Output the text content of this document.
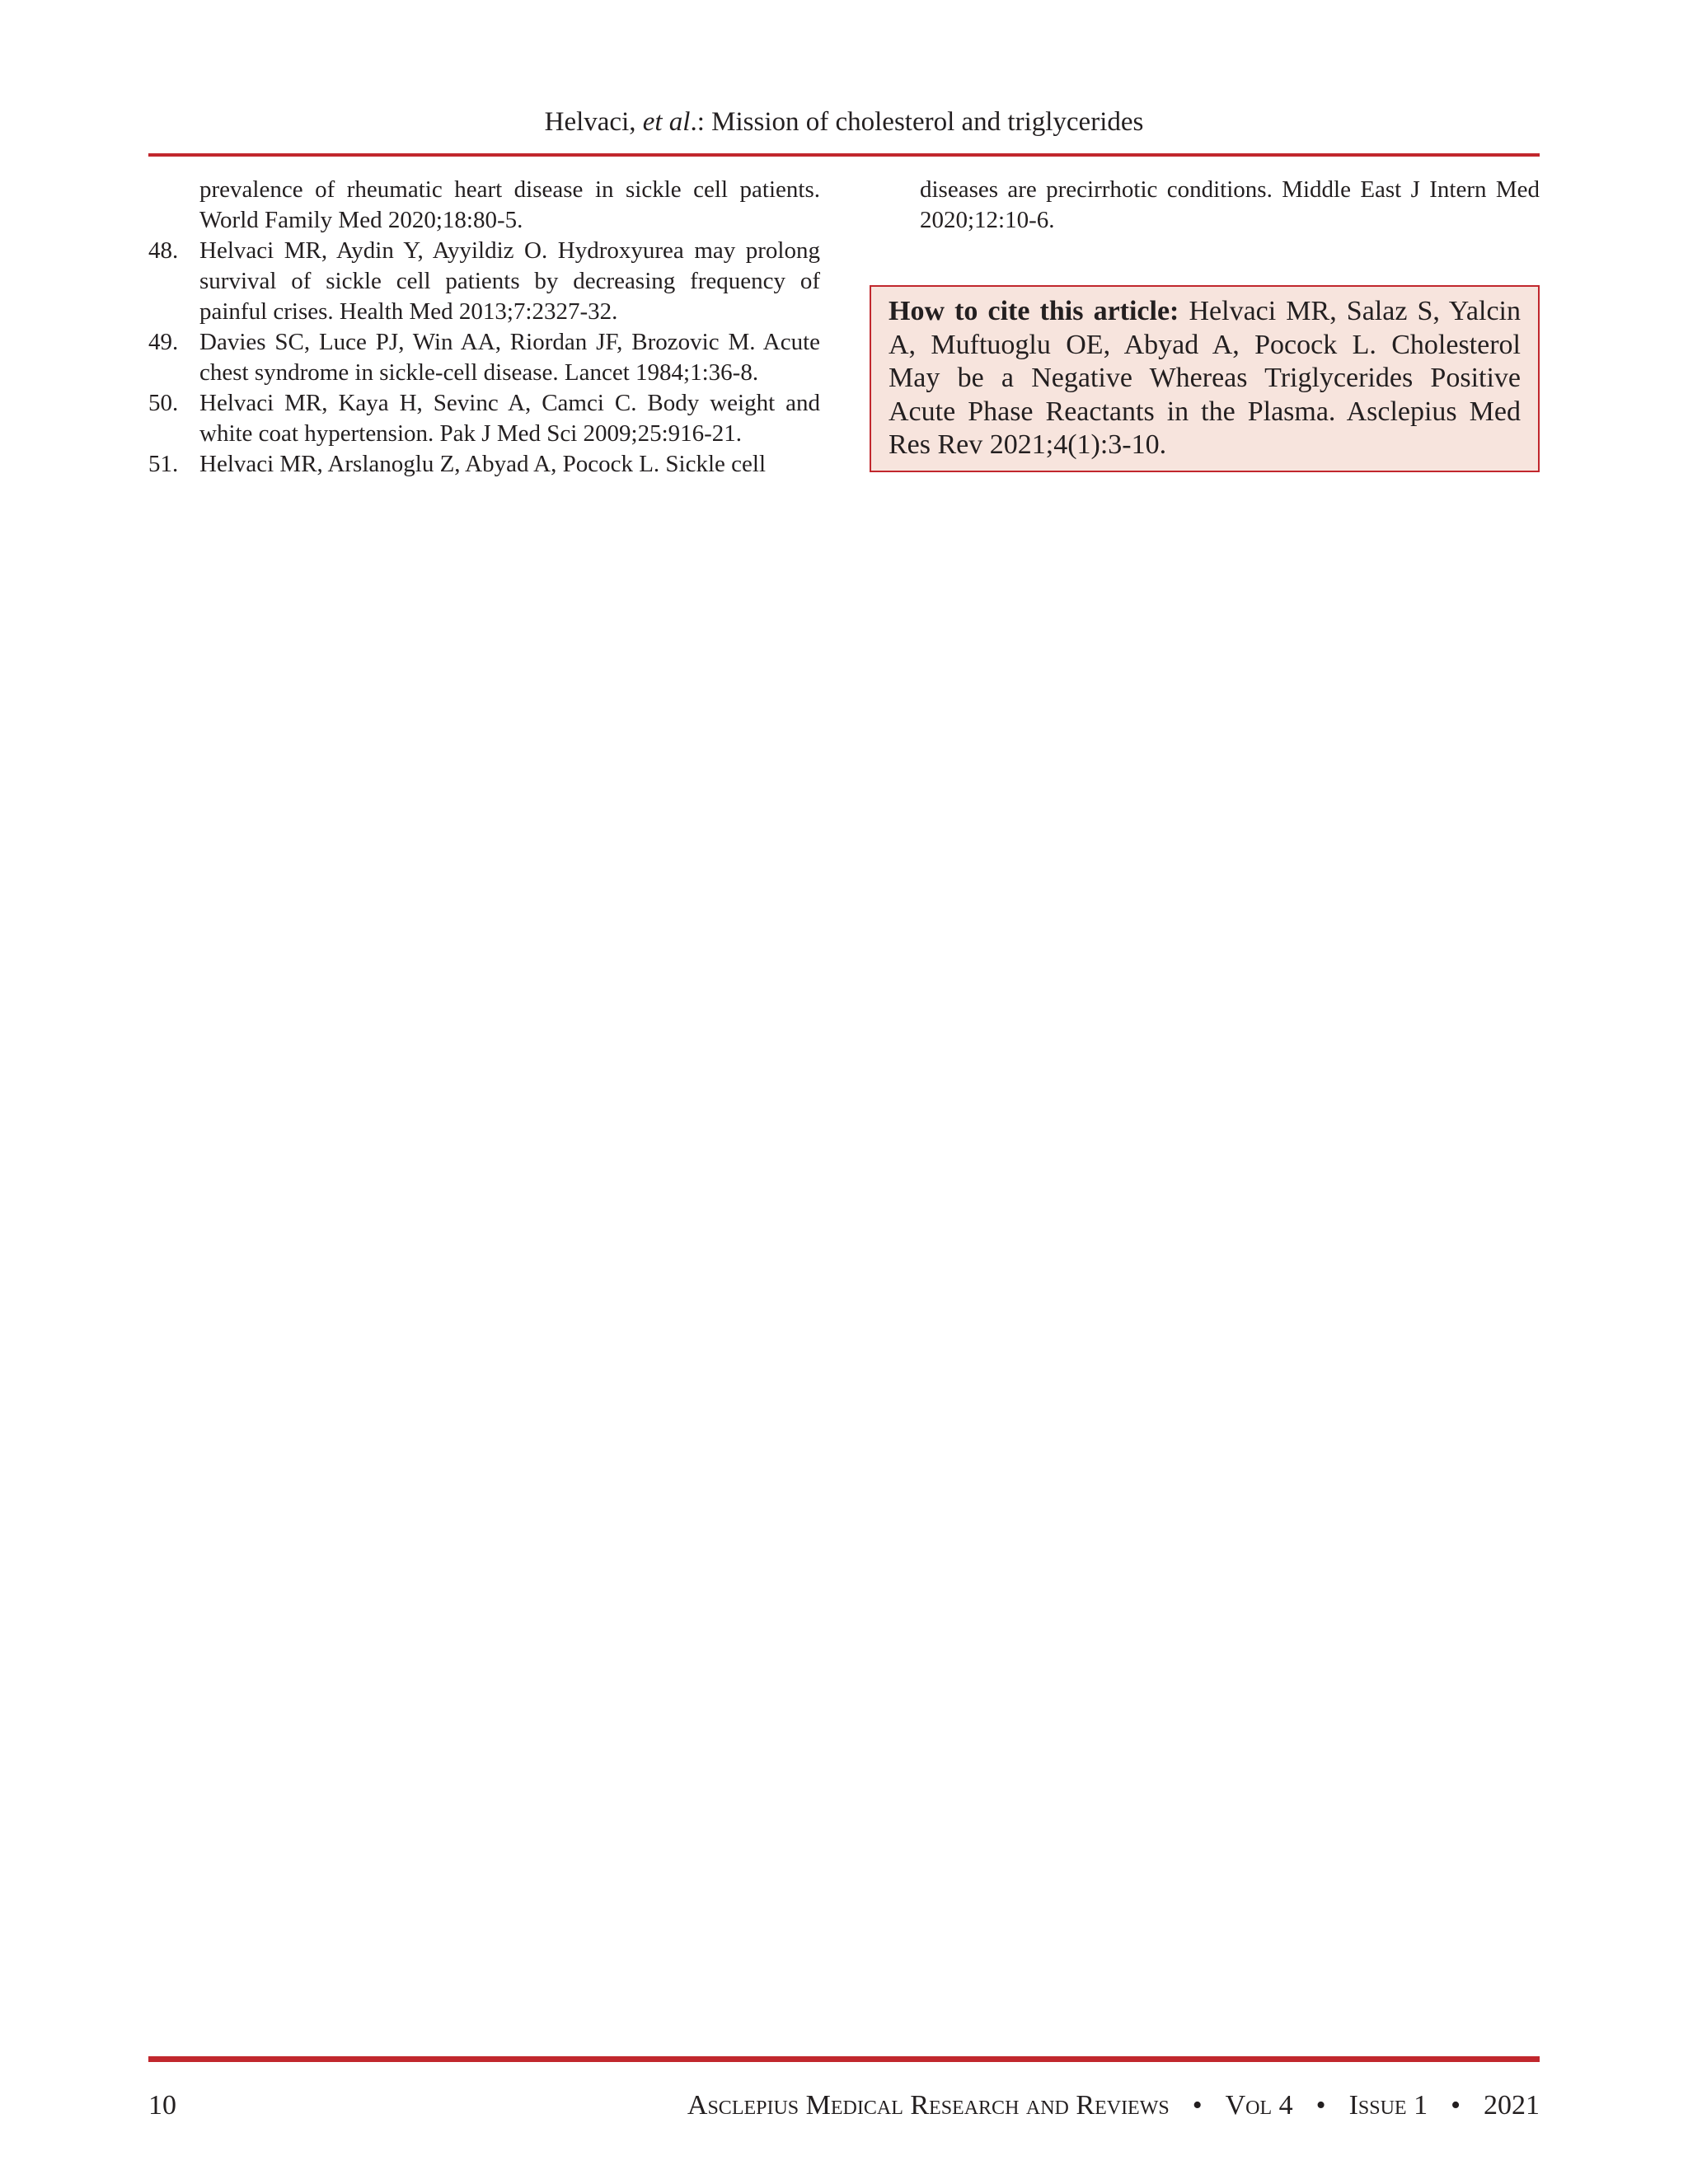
Helvaci, et al.: Mission of cholesterol and triglycerides
prevalence of rheumatic heart disease in sickle cell patients. World Family Med 2020;18:80-5.
48. Helvaci MR, Aydin Y, Ayyildiz O. Hydroxyurea may prolong survival of sickle cell patients by decreasing frequency of painful crises. Health Med 2013;7:2327-32.
49. Davies SC, Luce PJ, Win AA, Riordan JF, Brozovic M. Acute chest syndrome in sickle-cell disease. Lancet 1984;1:36-8.
50. Helvaci MR, Kaya H, Sevinc A, Camci C. Body weight and white coat hypertension. Pak J Med Sci 2009;25:916-21.
51. Helvaci MR, Arslanoglu Z, Abyad A, Pocock L. Sickle cell
diseases are precirrhotic conditions. Middle East J Intern Med 2020;12:10-6.
How to cite this article: Helvaci MR, Salaz S, Yalcin A, Muftuoglu OE, Abyad A, Pocock L. Cholesterol May be a Negative Whereas Triglycerides Positive Acute Phase Reactants in the Plasma. Asclepius Med Res Rev 2021;4(1):3-10.
10	Asclepius Medical Research and Reviews • Vol 4 • Issue 1 • 2021
